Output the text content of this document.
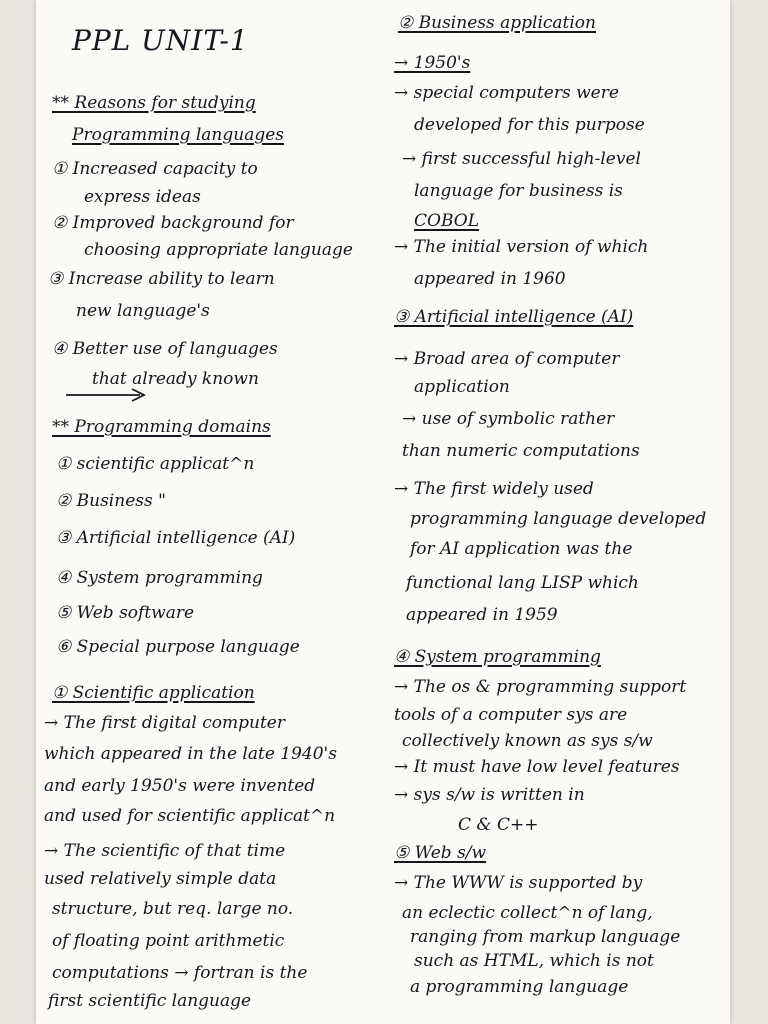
PPL UNIT-1
** Reasons for studying
Programming languages
① Increased capacity to
express ideas
② Improved background for
choosing appropriate language
③ Increase ability to learn
new language's
④ Better use of languages
that already known
** Programming domains
① scientific applicat^n
② Business "
③ Artificial intelligence (AI)
④ System programming
⑤ Web software
⑥ Special purpose language
① Scientific application
→ The first digital computer
which appeared in the late 1940's
and early 1950's were invented
and used for scientific applicat^n
→ The scientific of that time
used relatively simple data
structure, but req. large no.
of floating point arithmetic
computations → fortran is the
first scientific language
② Business application
→ 1950's
→ special computers were
developed for this purpose
→ first successful high-level
language for business is
COBOL
→ The initial version of which
appeared in 1960
③ Artificial intelligence (AI)
→ Broad area of computer
application
→ use of symbolic rather
than numeric computations
→ The first widely used
programming language developed
for AI application was the
functional lang LISP which
appeared in 1959
④ System programming
→ The os & programming support
tools of a computer sys are
collectively known as sys s/w
→ It must have low level features
→ sys s/w is written in
C & C++
⑤ Web s/w
→ The WWW is supported by
an eclectic collect^n of lang,
ranging from markup language
such as HTML, which is not
a programming language
